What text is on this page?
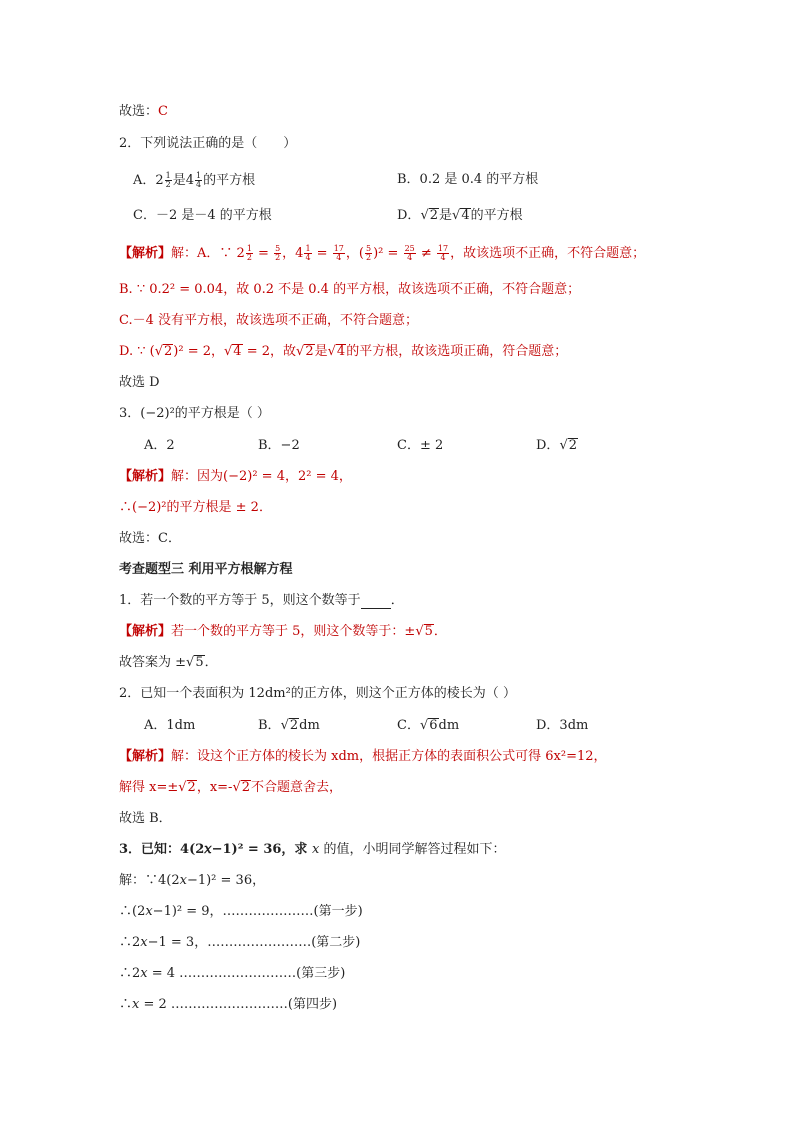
故选：C
2．下列说法正确的是（　　）
A．$2 \frac{1}{2}$ 是$4 \frac{1}{4}$ 的平方根	B．0.2 是 0.4 的平方根
C．－2 是－4 的平方根	D．√2是√4的平方根
【解析】解：A．∵ $2 \frac{1}{2} = \frac{5}{2}$ ，$4 \frac{1}{4} = \frac{17}{4}$ ，( $\frac{5}{2} )^2 = \frac{25}{4} \ne \frac{17}{4}$ ，故该选项不正确，不符合题意；
B. ∵ 0.2² = 0.04，故 0.2 不是 0.4 的平方根，故该选项不正确，不符合题意；
C.－4 没有平方根，故该选项不正确，不符合题意；
D. ∵ (√2)² = 2，√4 = 2，故√2是√4的平方根，故该选项正确，符合题意；
故选 D
3．(−2)²的平方根是（ ）
A．2	B．−2	C．± 2	D．√2
【解析】解：因为(−2)² = 4，2² = 4，
∴(−2)²的平方根是 ± 2．
故选：C．
考查题型三 利用平方根解方程
1．若一个数的平方等于 5，则这个数等于 ．
【解析】若一个数的平方等于 5，则这个数等于：±√5．
故答案为 ±√5．
2．已知一个表面积为 12dm²的正方体，则这个正方体的棱长为（ ）
A．1dm	B．√2dm	C．√6dm	D．3dm
【解析】解：设这个正方体的棱长为 xdm，根据正方体的表面积公式可得 6x²=12，
解得 x=±√2，x=-√2不合题意舍去，
故选 B．
3．已知：4(2𝑥−1)² = 36，求 x 的值，小明同学解答过程如下：
解：∵4(2𝑥−1)² = 36，
∴(2𝑥−1)² = 9，…………………(第一步)
∴2𝑥−1 = 3，……………………(第二步)
∴2𝑥 = 4 ………………………(第三步)
∴𝑥 = 2 ………………………(第四步)
